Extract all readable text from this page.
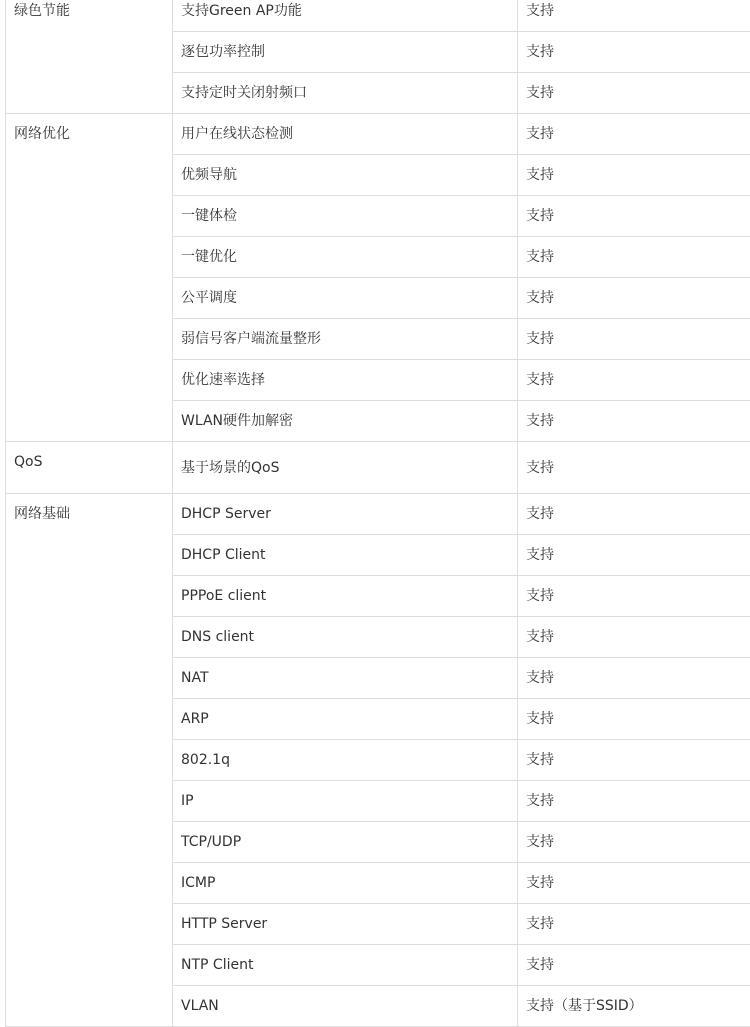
绿色节能	支持Green AP功能	支持
	逐包功率控制	支持
	支持定时关闭射频口	支持
网络优化	用户在线状态检测	支持
	优频导航	支持
	一键体检	支持
	一键优化	支持
	公平调度	支持
	弱信号客户端流量整形	支持
	优化速率选择	支持
	WLAN硬件加解密	支持
QoS	基于场景的QoS	支持
网络基础	DHCP Server	支持
	DHCP Client	支持
	PPPoE client	支持
	DNS client	支持
	NAT	支持
	ARP	支持
	802.1q	支持
	IP	支持
	TCP/UDP	支持
	ICMP	支持
	HTTP Server	支持
	NTP Client	支持
	VLAN	支持（基于SSID）
